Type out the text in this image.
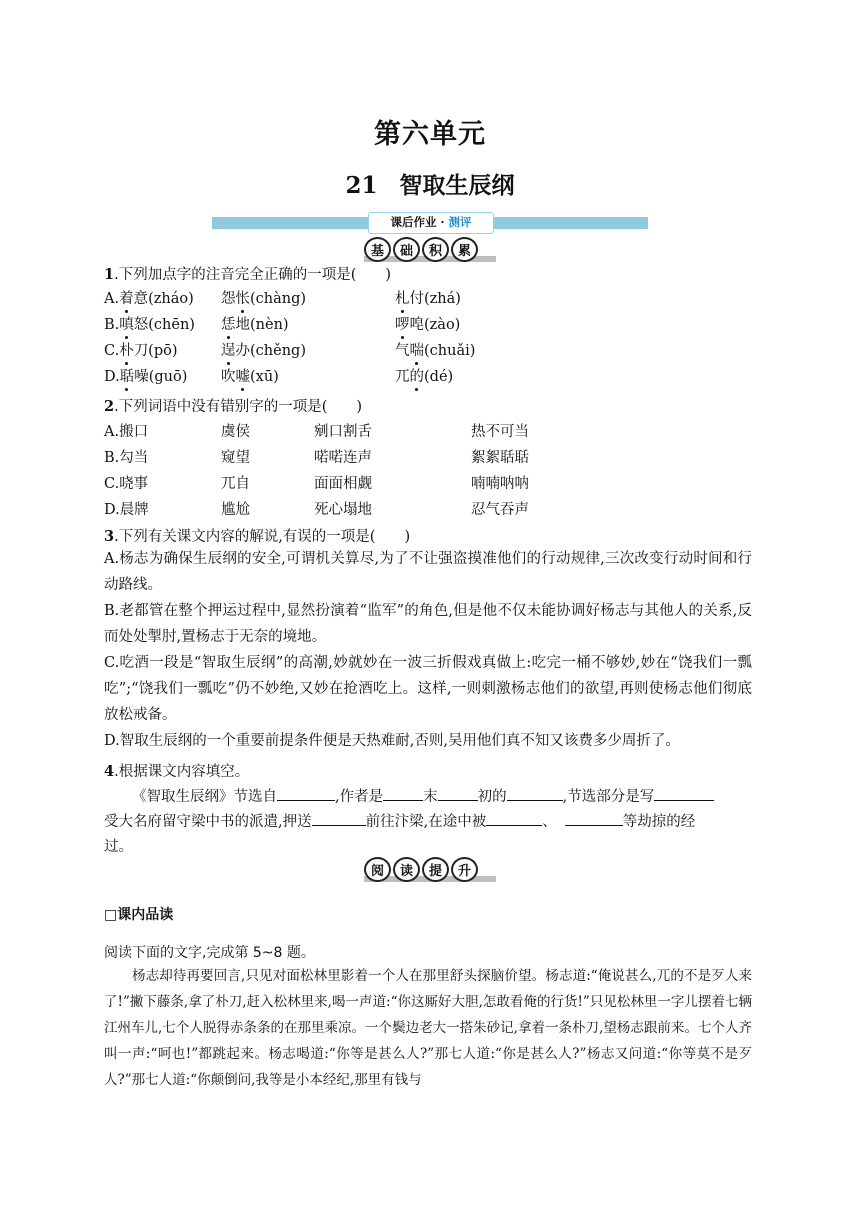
第六单元
21 智取生辰纲
课后作业 · 测评
基	础	积	累
1.下列加点字的注音完全正确的一项是(　　)
A.着意(zháo) 怨怅(chàng)	札付(zhá)
B.嗔怒(chēn) 恁地(nèn)	啰唣(zào)
C.朴刀(pō)	逞办(chěng)	气喘(chuǎi)
D.聒噪(guō) 吹嘘(xū)	兀的(dé)
2.下列词语中没有错别字的一项是(　　)
A.搬口	虞侯	剜口割舌	热不可当
B.勾当	窥望	喏喏连声	絮絮聒聒
C.哓事	兀自	面面相觑	喃喃呐呐
D.晨牌	尴尬	死心塌地	忍气吞声
3.下列有关课文内容的解说,有误的一项是(　　)
A.杨志为确保生辰纲的安全,可谓机关算尽,为了不让强盗摸准他们的行动规律,三次改变行动时间和行动路线。
B.老都管在整个押运过程中,显然扮演着“监军”的角色,但是他不仅未能协调好杨志与其他人的关系,反而处处掣肘,置杨志于无奈的境地。
C.吃酒一段是“智取生辰纲”的高潮,妙就妙在一波三折假戏真做上:吃完一桶不够妙,妙在“饶我们一瓢吃”;“饶我们一瓢吃”仍不妙绝,又妙在抢酒吃上。这样,一则刺激杨志他们的欲望,再则使杨志他们彻底放松戒备。
D.智取生辰纲的一个重要前提条件便是天热难耐,否则,吴用他们真不知又该费多少周折了。
4.根据课文内容填空。
《智取生辰纲》节选自	,作者是	末	初的	,节选部分是写
受大名府留守梁中书的派遣,押送	前往汴梁,在途中被	、	等劫掠的经
过。
阅	读	提	升
□课内品读
阅读下面的文字,完成第 5~8 题。
杨志却待再要回言,只见对面松林里影着一个人在那里舒头探脑价望。杨志道:“俺说甚么,兀的不是歹人来了!”撇下藤条,拿了朴刀,赶入松林里来,喝一声道:“你这厮好大胆,怎敢看俺的行货!”只见松林里一字儿摆着七辆江州车儿,七个人脱得赤条条的在那里乘凉。一个鬓边老大一搭朱砂记,拿着一条朴刀,望杨志跟前来。七个人齐叫一声:“呵也!”都跳起来。杨志喝道:“你等是甚么人?”那七人道:“你是甚么人?”杨志又问道:“你等莫不是歹人?”那七人道:“你颠倒问,我等是小本经纪,那里有钱与
